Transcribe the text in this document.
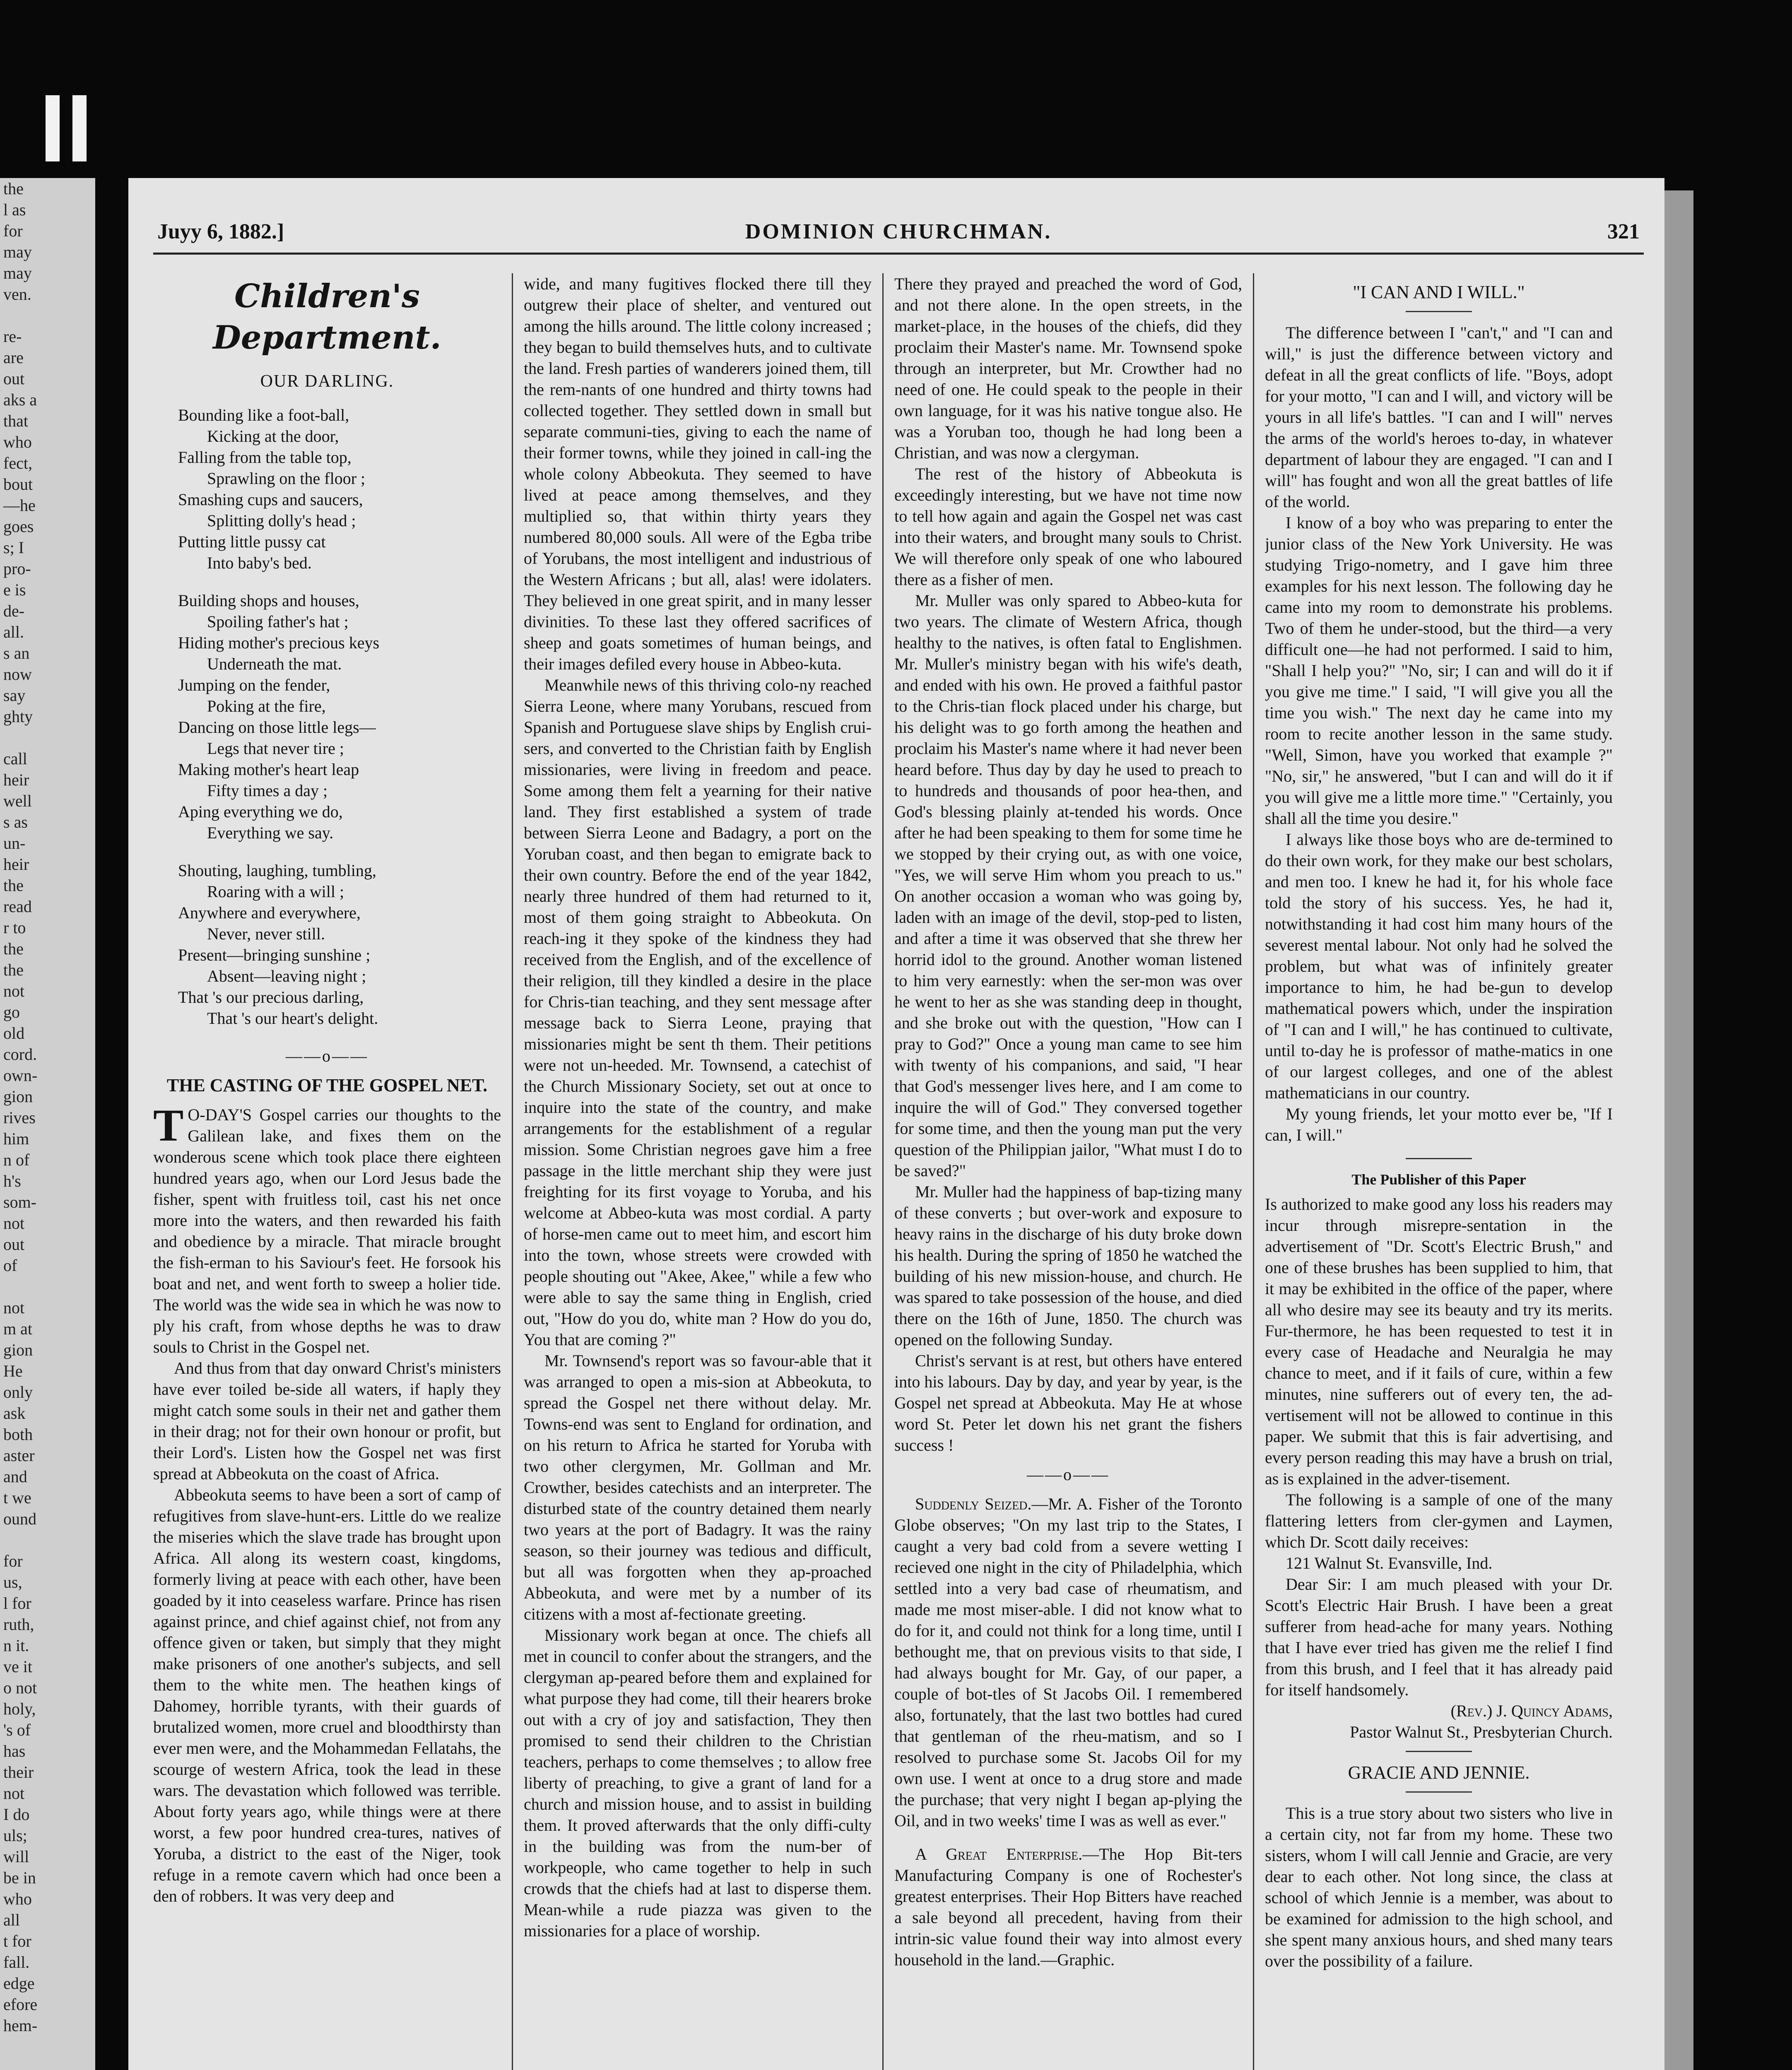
the
l as
for
may
may
ven.

re-
are
out
aks a
that
who
fect,
bout
—he
goes
s; I
pro-
e is
de-
all.
s an
now
say
ghty

call
heir
well
s as
un-
heir
the
read
r to
the
the
not
go
old
cord.
own-
gion
rives
him
n of
h's
som-
not
out
of

not
m at
gion
He
only
ask
both
aster
and
t we
ound

for
us,
l for
ruth,
n it.
ve it
o not
holy,
's of
has
their
not
I do
uls;
will
be in
who
all
t for
fall.
edge
efore
hem-
DOMINION CHURCHMAN.
Juyy 6, 1882.]	321
Children's Department.
OUR DARLING.

Bounding like a foot-ball,

Kicking at the door,

Falling from the table top,

Sprawling on the floor ;

Smashing cups and saucers,

Splitting dolly's head ;

Putting little pussy cat

Into baby's bed.

Building shops and houses,

Spoiling father's hat ;

Hiding mother's precious keys

Underneath the mat.

Jumping on the fender,

Poking at the fire,

Dancing on those little legs—

Legs that never tire ;

Making mother's heart leap

Fifty times a day ;

Aping everything we do,

Everything we say.

Shouting, laughing, tumbling,

Roaring with a will ;

Anywhere and everywhere,

Never, never still.

Present—bringing sunshine ;

Absent—leaving night ;

That 's our precious darling,

That 's our heart's delight.

——o——
THE CASTING OF THE GOSPEL NET.

T O-DAY'S Gospel carries our thoughts to the Galilean lake, and fixes them on the wonderous scene which took place there eighteen hundred years ago, when our Lord Jesus bade the fisher, spent with fruitless toil, cast his net once more into the waters, and then rewarded his faith and obedience by a miracle. That miracle brought the fish-erman to his Saviour's feet. He forsook his boat and net, and went forth to sweep a holier tide. The world was the wide sea in which he was now to ply his craft, from whose depths he was to draw souls to Christ in the Gospel net.

And thus from that day onward Christ's ministers have ever toiled be-side all waters, if haply they might catch some souls in their net and gather them in their drag; not for their own honour or profit, but their Lord's. Listen how the Gospel net was first spread at Abbeokuta on the coast of Africa.

Abbeokuta seems to have been a sort of camp of refugitives from slave-hunt-ers. Little do we realize the miseries which the slave trade has brought upon Africa. All along its western coast, kingdoms, formerly living at peace with each other, have been goaded by it into ceaseless warfare. Prince has risen against prince, and chief against chief, not from any offence given or taken, but simply that they might make prisoners of one another's subjects, and sell them to the white men. The heathen kings of Dahomey, horrible tyrants, with their guards of brutalized women, more cruel and bloodthirsty than ever men were, and the Mohammedan Fellatahs, the scourge of western Africa, took the lead in these wars. The devastation which followed was terrible. About forty years ago, while things were at there worst, a few poor hundred crea-tures, natives of Yoruba, a district to the east of the Niger, took refuge in a remote cavern which had once been a den of robbers. It was very deep and

wide, and many fugitives flocked there till they outgrew their place of shelter, and ventured out among the hills around. The little colony increased ; they began to build themselves huts, and to cultivate the land. Fresh parties of wanderers joined them, till the rem-nants of one hundred and thirty towns had collected together. They settled down in small but separate communi-ties, giving to each the name of their former towns, while they joined in call-ing the whole colony Abbeokuta. They seemed to have lived at peace among themselves, and they multiplied so, that within thirty years they numbered 80,000 souls. All were of the Egba tribe of Yorubans, the most intelligent and industrious of the Western Africans ; but all, alas! were idolaters. They believed in one great spirit, and in many lesser divinities. To these last they offered sacrifices of sheep and goats sometimes of human beings, and their images defiled every house in Abbeo-kuta.

Meanwhile news of this thriving colo-ny reached Sierra Leone, where many Yorubans, rescued from Spanish and Portuguese slave ships by English crui-sers, and converted to the Christian faith by English missionaries, were living in freedom and peace. Some among them felt a yearning for their native land. They first established a system of trade between Sierra Leone and Badagry, a port on the Yoruban coast, and then began to emigrate back to their own country. Before the end of the year 1842, nearly three hundred of them had returned to it, most of them going straight to Abbeokuta. On reach-ing it they spoke of the kindness they had received from the English, and of the excellence of their religion, till they kindled a desire in the place for Chris-tian teaching, and they sent message after message back to Sierra Leone, praying that missionaries might be sent th them. Their petitions were not un-heeded. Mr. Townsend, a catechist of the Church Missionary Society, set out at once to inquire into the state of the country, and make arrangements for the establishment of a regular mission. Some Christian negroes gave him a free passage in the little merchant ship they were just freighting for its first voyage to Yoruba, and his welcome at Abbeo-kuta was most cordial. A party of horse-men came out to meet him, and escort him into the town, whose streets were crowded with people shouting out "Akee, Akee," while a few who were able to say the same thing in English, cried out, "How do you do, white man ? How do you do, You that are coming ?"

Mr. Townsend's report was so favour-able that it was arranged to open a mis-sion at Abbeokuta, to spread the Gospel net there without delay. Mr. Towns-end was sent to England for ordination, and on his return to Africa he started for Yoruba with two other clergymen, Mr. Gollman and Mr. Crowther, besides catechists and an interpreter. The disturbed state of the country detained them nearly two years at the port of Badagry. It was the rainy season, so their journey was tedious and difficult, but all was forgotten when they ap-proached Abbeokuta, and were met by a number of its citizens with a most af-fectionate greeting.

Missionary work began at once. The chiefs all met in council to confer about the strangers, and the clergyman ap-peared before them and explained for what purpose they had come, till their hearers broke out with a cry of joy and satisfaction, They then promised to send their children to the Christian teachers, perhaps to come themselves ; to allow free liberty of preaching, to give a grant of land for a church and mission house, and to assist in building them. It proved afterwards that the only diffi-culty in the building was from the num-ber of workpeople, who came together to help in such crowds that the chiefs had at last to disperse them. Mean-while a rude piazza was given to the missionaries for a place of worship.

There they prayed and preached the word of God, and not there alone. In the open streets, in the market-place, in the houses of the chiefs, did they proclaim their Master's name. Mr. Townsend spoke through an interpreter, but Mr. Crowther had no need of one. He could speak to the people in their own language, for it was his native tongue also. He was a Yoruban too, though he had long been a Christian, and was now a clergyman.

The rest of the history of Abbeokuta is exceedingly interesting, but we have not time now to tell how again and again the Gospel net was cast into their waters, and brought many souls to Christ. We will therefore only speak of one who laboured there as a fisher of men.

Mr. Muller was only spared to Abbeo-kuta for two years. The climate of Western Africa, though healthy to the natives, is often fatal to Englishmen. Mr. Muller's ministry began with his wife's death, and ended with his own. He proved a faithful pastor to the Chris-tian flock placed under his charge, but his delight was to go forth among the heathen and proclaim his Master's name where it had never been heard before. Thus day by day he used to preach to to hundreds and thousands of poor hea-then, and God's blessing plainly at-tended his words. Once after he had been speaking to them for some time he we stopped by their crying out, as with one voice, "Yes, we will serve Him whom you preach to us." On another occasion a woman who was going by, laden with an image of the devil, stop-ped to listen, and after a time it was observed that she threw her horrid idol to the ground. Another woman listened to him very earnestly: when the ser-mon was over he went to her as she was standing deep in thought, and she broke out with the question, "How can I pray to God?" Once a young man came to see him with twenty of his companions, and said, "I hear that God's messenger lives here, and I am come to inquire the will of God." They conversed together for some time, and then the young man put the very question of the Philippian jailor, "What must I do to be saved?"

Mr. Muller had the happiness of bap-tizing many of these converts ; but over-work and exposure to heavy rains in the discharge of his duty broke down his health. During the spring of 1850 he watched the building of his new mission-house, and church. He was spared to take possession of the house, and died there on the 16th of June, 1850. The church was opened on the following Sunday.

Christ's servant is at rest, but others have entered into his labours. Day by day, and year by year, is the Gospel net spread at Abbeokuta. May He at whose word St. Peter let down his net grant the fishers success !

——o——

Suddenly Seized.—Mr. A. Fisher of the Toronto Globe observes; "On my last trip to the States, I caught a very bad cold from a severe wetting I recieved one night in the city of Philadelphia, which settled into a very bad case of rheumatism, and made me most miser-able. I did not know what to do for it, and could not think for a long time, until I bethought me, that on previous visits to that side, I had always bought for Mr. Gay, of our paper, a couple of bot-tles of St Jacobs Oil. I remembered also, fortunately, that the last two bottles had cured that gentleman of the rheu-matism, and so I resolved to purchase some St. Jacobs Oil for my own use. I went at once to a drug store and made the purchase; that very night I began ap-plying the Oil, and in two weeks' time I was as well as ever."

A Great Enterprise.—The Hop Bit-ters Manufacturing Company is one of Rochester's greatest enterprises. Their Hop Bitters have reached a sale beyond all precedent, having from their intrin-sic value found their way into almost every household in the land.—Graphic.

"I CAN AND I WILL."

The difference between I "can't," and "I can and will," is just the difference between victory and defeat in all the great conflicts of life. "Boys, adopt for your motto, "I can and I will, and victory will be yours in all life's battles. "I can and I will" nerves the arms of the world's heroes to-day, in whatever department of labour they are engaged. "I can and I will" has fought and won all the great battles of life of the world.

I know of a boy who was preparing to enter the junior class of the New York University. He was studying Trigo-nometry, and I gave him three examples for his next lesson. The following day he came into my room to demonstrate his problems. Two of them he under-stood, but the third—a very difficult one—he had not performed. I said to him, "Shall I help you?" "No, sir; I can and will do it if you give me time." I said, "I will give you all the time you wish." The next day he came into my room to recite another lesson in the same study. "Well, Simon, have you worked that example ?" "No, sir," he answered, "but I can and will do it if you will give me a little more time." "Certainly, you shall all the time you desire."

I always like those boys who are de-termined to do their own work, for they make our best scholars, and men too. I knew he had it, for his whole face told the story of his success. Yes, he had it, notwithstanding it had cost him many hours of the severest mental labour. Not only had he solved the problem, but what was of infinitely greater importance to him, he had be-gun to develop mathematical powers which, under the inspiration of "I can and I will," he has continued to cultivate, until to-day he is professor of mathe-matics in one of our largest colleges, and one of the ablest mathematicians in our country.

My young friends, let your motto ever be, "If I can, I will."

The Publisher of this Paper

Is authorized to make good any loss his readers may incur through misrepre-sentation in the advertisement of "Dr. Scott's Electric Brush," and one of these brushes has been supplied to him, that it may be exhibited in the office of the paper, where all who desire may see its beauty and try its merits. Fur-thermore, he has been requested to test it in every case of Headache and Neuralgia he may chance to meet, and if it fails of cure, within a few minutes, nine sufferers out of every ten, the ad-vertisement will not be allowed to continue in this paper. We submit that this is fair advertising, and every person reading this may have a brush on trial, as is explained in the adver-tisement.

The following is a sample of one of the many flattering letters from cler-gymen and Laymen, which Dr. Scott daily receives:

121 Walnut St. Evansville, Ind.

Dear Sir: I am much pleased with your Dr. Scott's Electric Hair Brush. I have been a great sufferer from head-ache for many years. Nothing that I have ever tried has given me the relief I find from this brush, and I feel that it has already paid for itself handsomely.

(Rev.) J. Quincy Adams,

Pastor Walnut St., Presbyterian Church.

GRACIE AND JENNIE.

This is a true story about two sisters who live in a certain city, not far from my home. These two sisters, whom I will call Jennie and Gracie, are very dear to each other. Not long since, the class at school of which Jennie is a member, was about to be examined for admission to the high school, and she spent many anxious hours, and shed many tears over the possibility of a failure.
